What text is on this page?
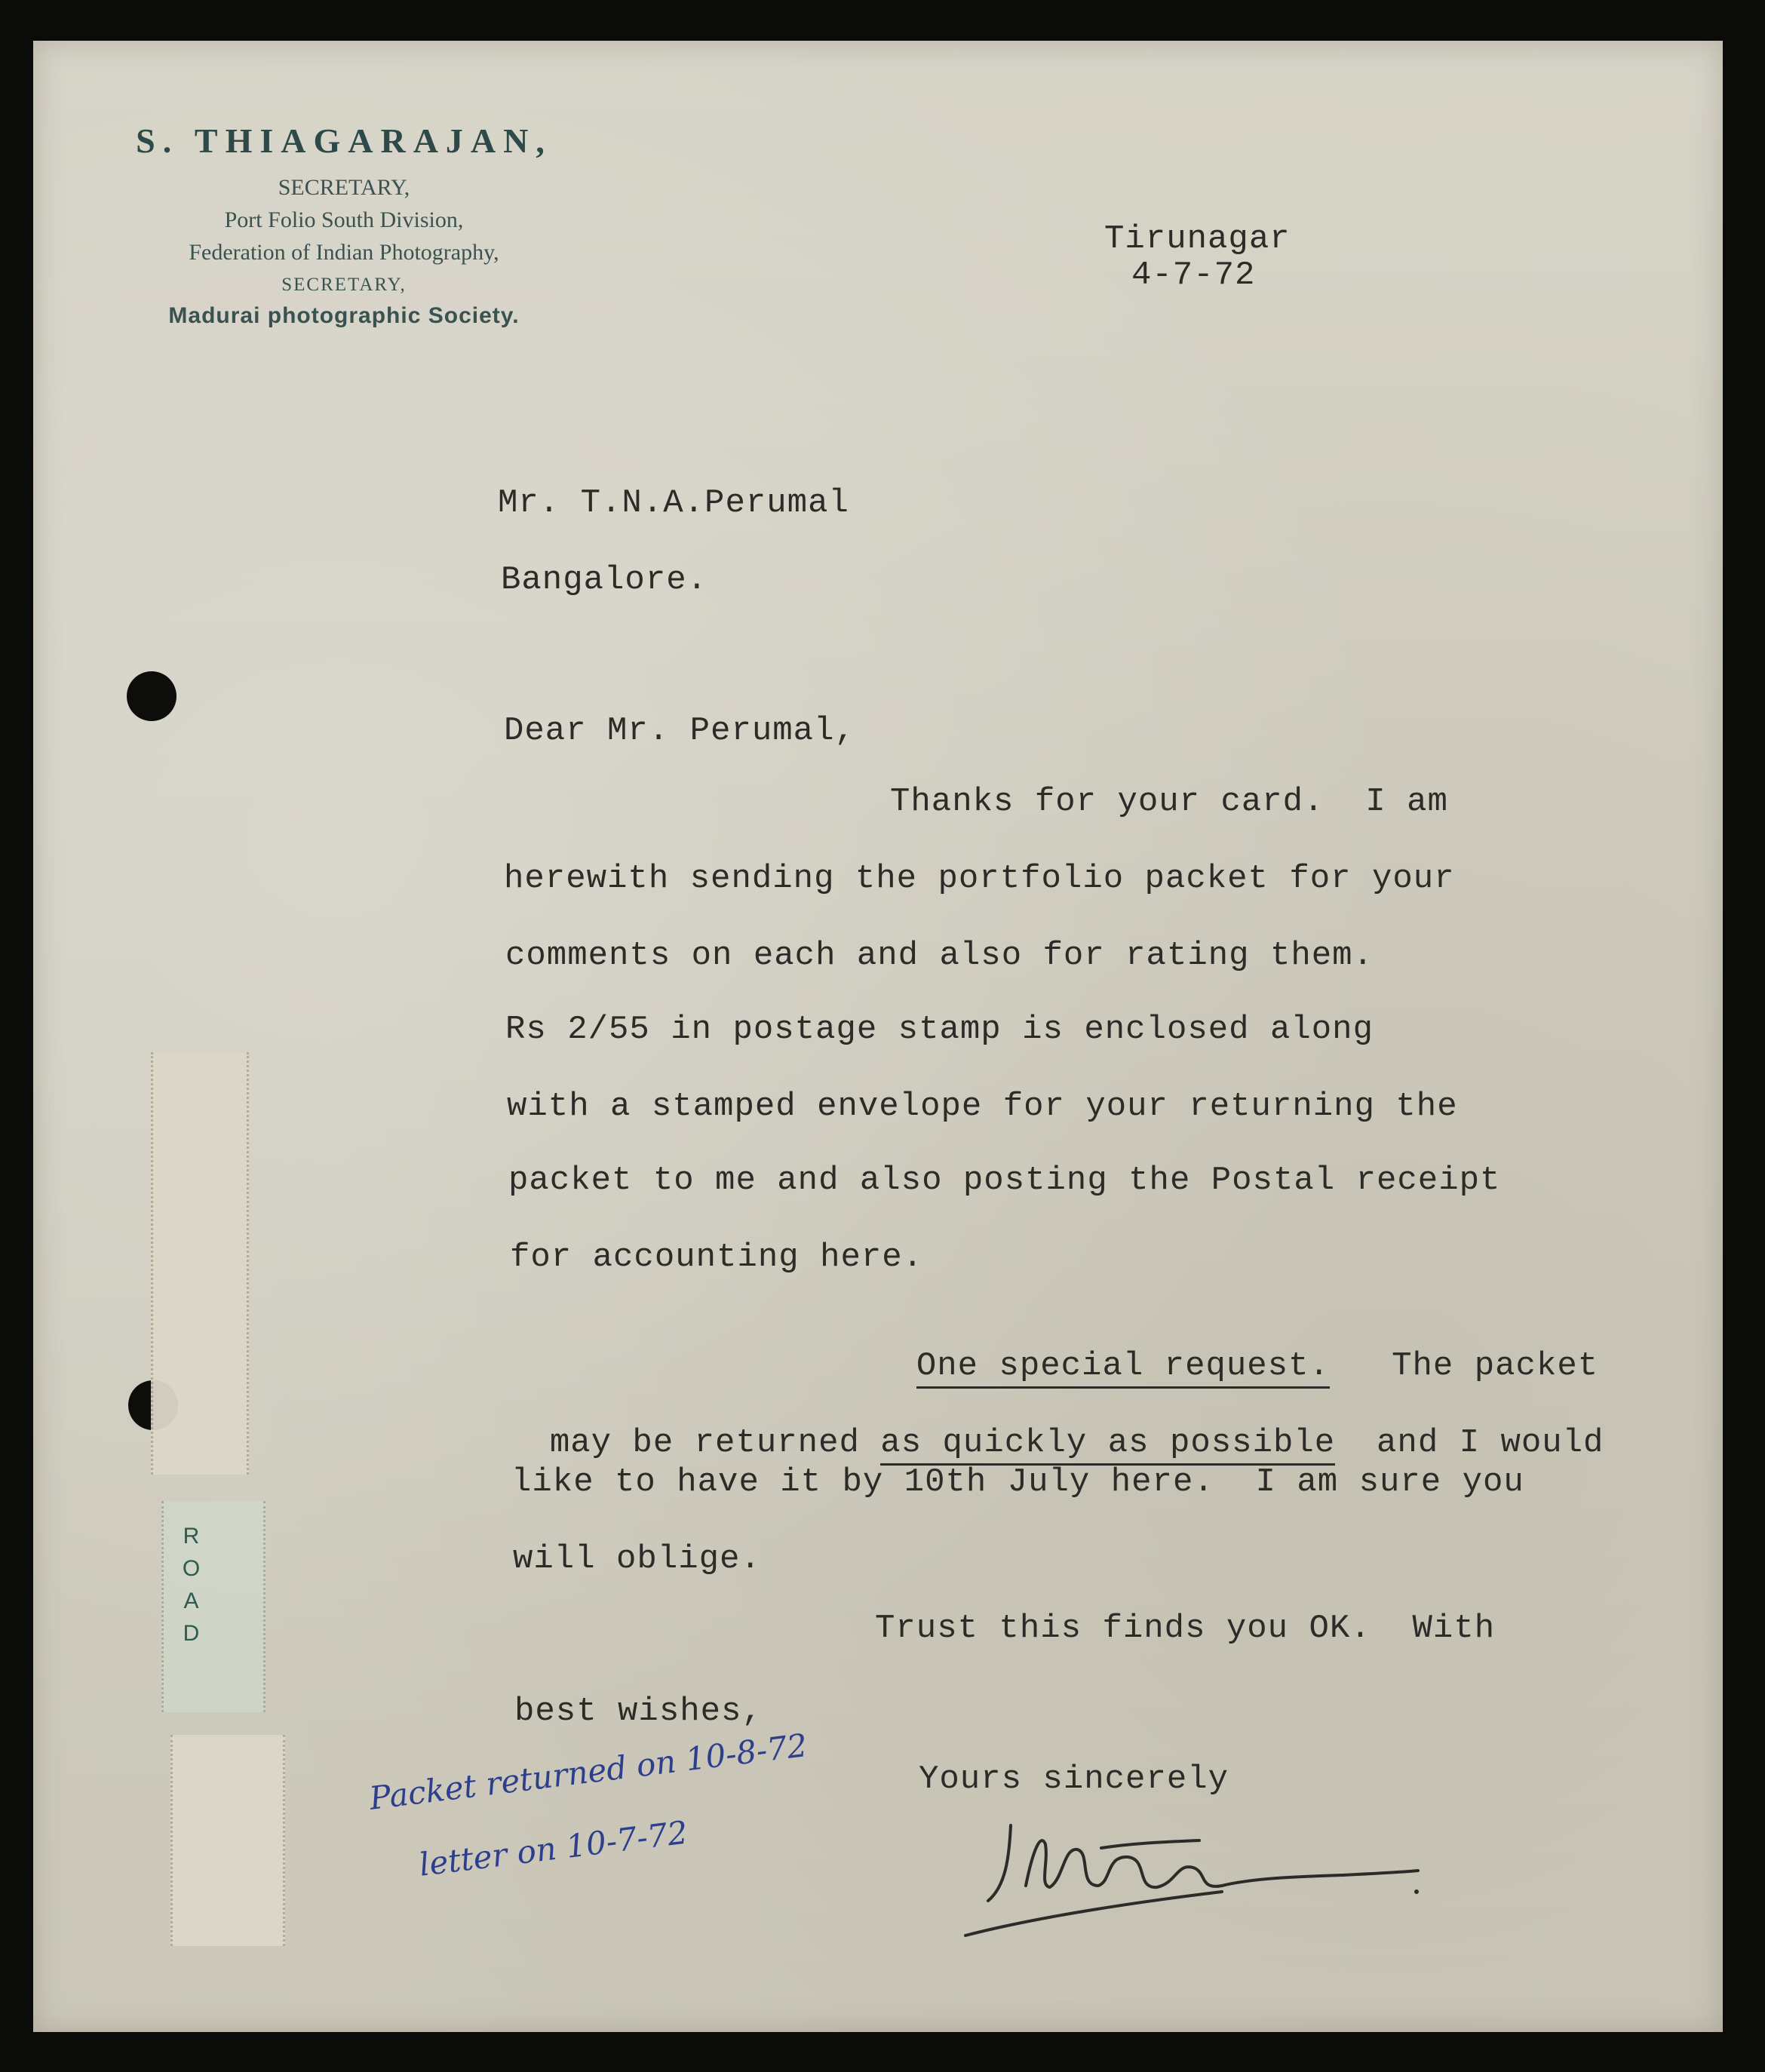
ROAD
S. THIAGARAJAN,
SECRETARY,
Port Folio South Division,
Federation of Indian Photography,
SECRETARY,
Madurai photographic Society.
Tirunagar
4-7-72
Mr. T.N.A.Perumal
Bangalore.
Dear Mr. Perumal,
Thanks for your card.  I am
herewith sending the portfolio packet for your
comments on each and also for rating them.
Rs 2/55 in postage stamp is enclosed along
with a stamped envelope for your returning the
packet to me and also posting the Postal receipt
for accounting here.

One special request. The packet

may be returned as quickly as possible and I would

like to have it by 10th July here.  I am sure you
will oblige.
Trust this finds you OK.  With
best wishes,
Yours sincerely
Packet returned on 10-8-72
letter on 10-7-72
